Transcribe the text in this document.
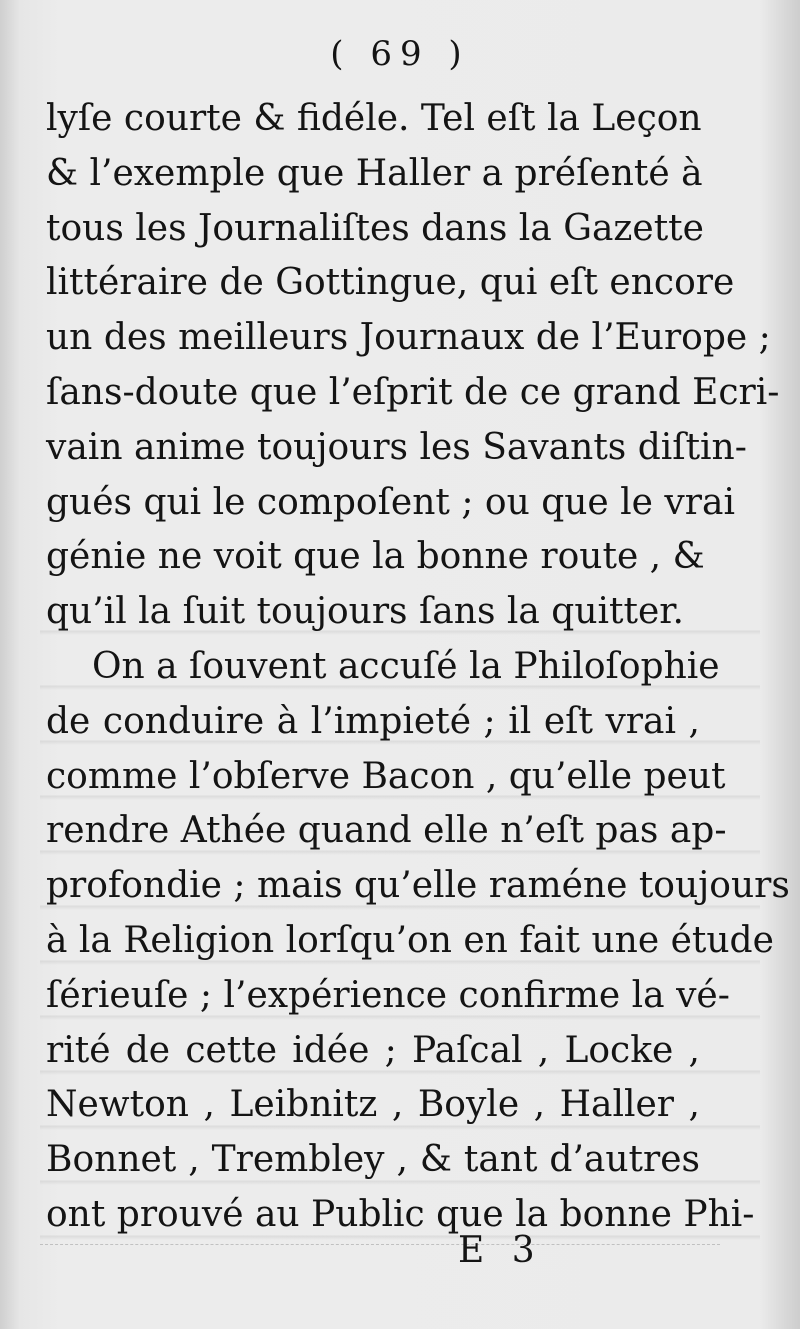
( 69 )
lyſe courte & fidéle. Tel eſt la Leçon
& l’exemple que Haller a préſenté à
tous les Journaliſtes dans la Gazette
littéraire de Gottingue, qui eſt encore
un des meilleurs Journaux de l’Europe ;
ſans-doute que l’eſprit de ce grand Ecri-
vain anime toujours les Savants diſtin-
gués qui le compoſent ; ou que le vrai
génie ne voit que la bonne route , &
qu’il la ſuit toujours ſans la quitter.
On a ſouvent accuſé la Philoſophie
de conduire à l’impieté ; il eſt vrai ,
comme l’obſerve Bacon , qu’elle peut
rendre Athée quand elle n’eſt pas ap-
profondie ; mais qu’elle raméne toujours
à la Religion lorſqu’on en fait une étude
ſérieuſe ; l’expérience confirme la vé-
rité de cette idée ; Paſcal , Locke ,
Newton , Leibnitz , Boyle , Haller ,
Bonnet , Trembley , & tant d’autres
ont prouvé au Public que la bonne Phi-
E 3
